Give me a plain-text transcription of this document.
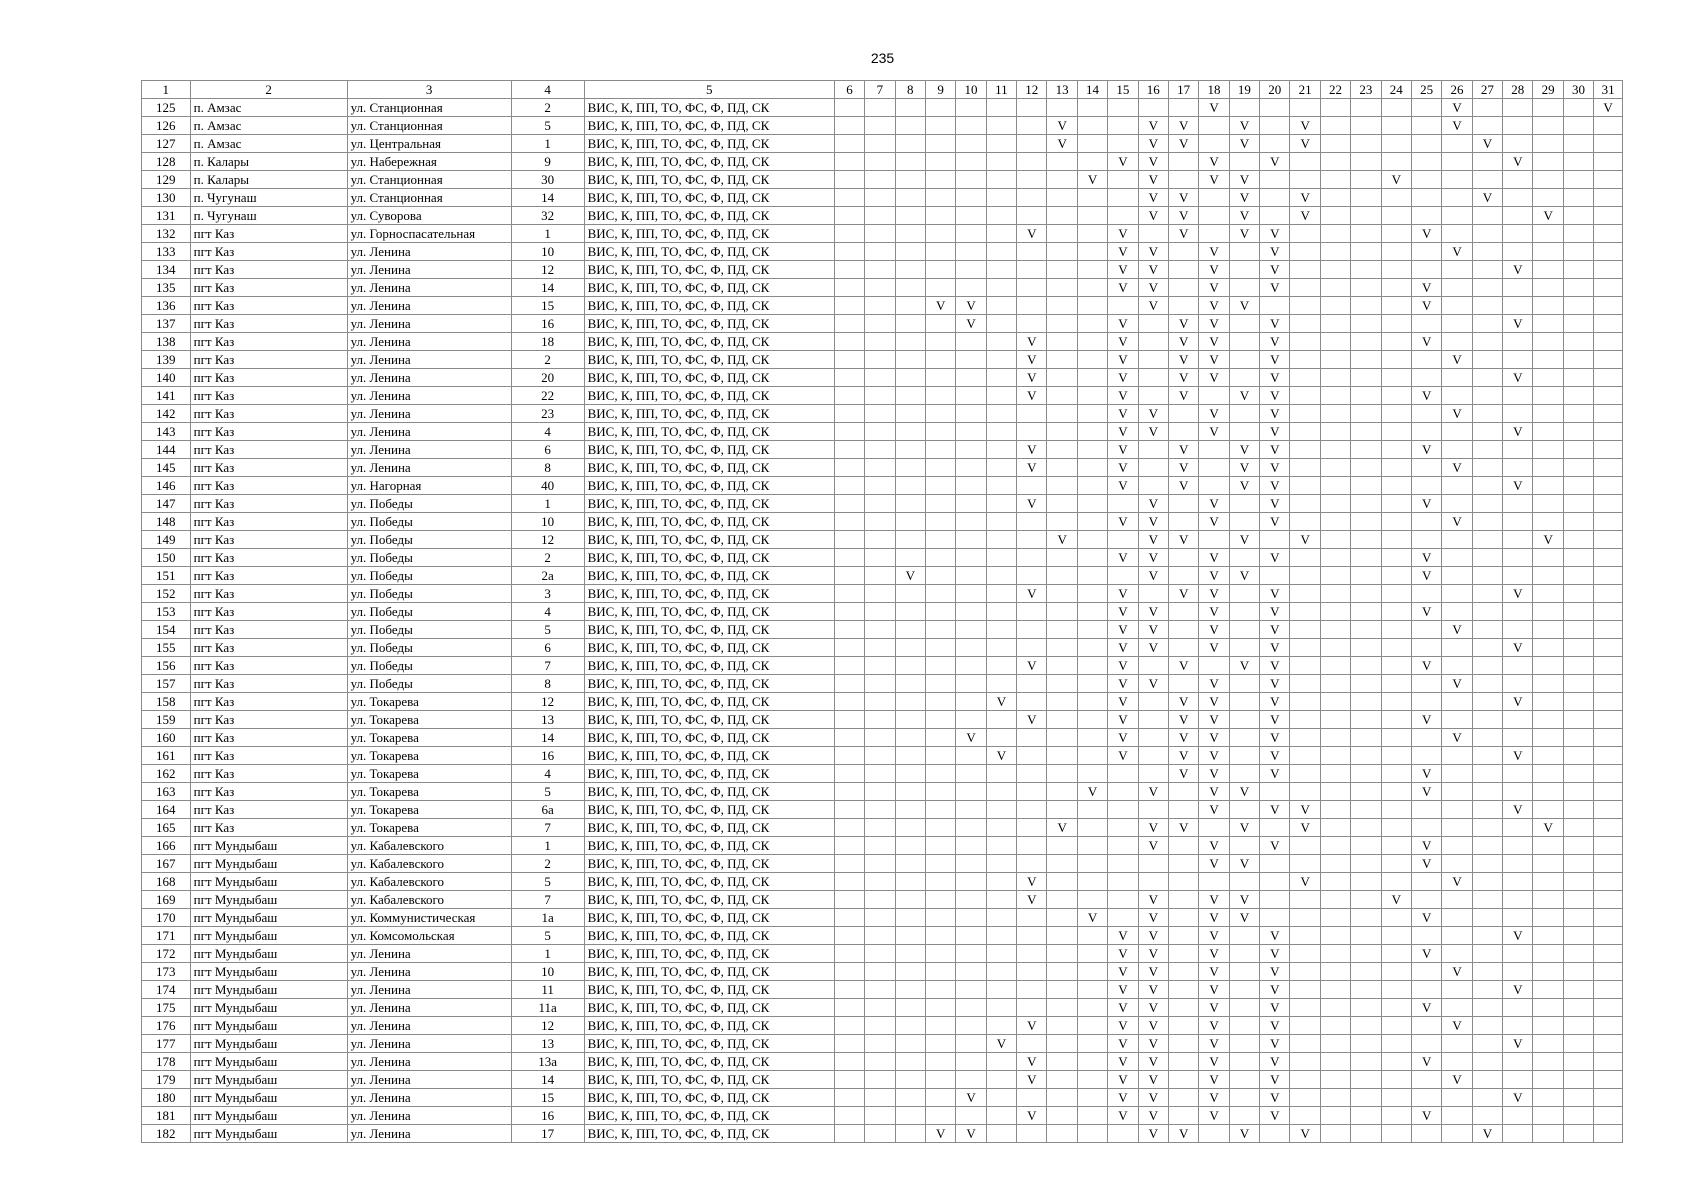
235
1	2	3	4	5	6	7	8	9	10	11	12	13	14	15	16	17	18	19	20	21	22	23	24	25	26	27	28	29	30	31
125	п. Амзас	ул. Станционная	2	ВИС, К, ПП, ТО, ФС, Ф, ПД, СК													V								V					V
126	п. Амзас	ул. Станционная	5	ВИС, К, ПП, ТО, ФС, Ф, ПД, СК								V			V	V		V		V					V					
127	п. Амзас	ул. Центральная	1	ВИС, К, ПП, ТО, ФС, Ф, ПД, СК								V			V	V		V		V						V				
128	п. Калары	ул. Набережная	9	ВИС, К, ПП, ТО, ФС, Ф, ПД, СК										V	V		V		V								V			
129	п. Калары	ул. Станционная	30	ВИС, К, ПП, ТО, ФС, Ф, ПД, СК									V		V		V	V					V							
130	п. Чугунаш	ул. Станционная	14	ВИС, К, ПП, ТО, ФС, Ф, ПД, СК											V	V		V		V						V				
131	п. Чугунаш	ул. Суворова	32	ВИС, К, ПП, ТО, ФС, Ф, ПД, СК											V	V		V		V								V		
132	пгт Каз	ул. Горноспасательная	1	ВИС, К, ПП, ТО, ФС, Ф, ПД, СК							V			V		V		V	V					V						
133	пгт Каз	ул. Ленина	10	ВИС, К, ПП, ТО, ФС, Ф, ПД, СК										V	V		V		V						V					
134	пгт Каз	ул. Ленина	12	ВИС, К, ПП, ТО, ФС, Ф, ПД, СК										V	V		V		V								V			
135	пгт Каз	ул. Ленина	14	ВИС, К, ПП, ТО, ФС, Ф, ПД, СК										V	V		V		V					V						
136	пгт Каз	ул. Ленина	15	ВИС, К, ПП, ТО, ФС, Ф, ПД, СК				V	V						V		V	V						V						
137	пгт Каз	ул. Ленина	16	ВИС, К, ПП, ТО, ФС, Ф, ПД, СК					V					V		V	V		V								V			
138	пгт Каз	ул. Ленина	18	ВИС, К, ПП, ТО, ФС, Ф, ПД, СК							V			V		V	V		V					V						
139	пгт Каз	ул. Ленина	2	ВИС, К, ПП, ТО, ФС, Ф, ПД, СК							V			V		V	V		V						V					
140	пгт Каз	ул. Ленина	20	ВИС, К, ПП, ТО, ФС, Ф, ПД, СК							V			V		V	V		V								V			
141	пгт Каз	ул. Ленина	22	ВИС, К, ПП, ТО, ФС, Ф, ПД, СК							V			V		V		V	V					V						
142	пгт Каз	ул. Ленина	23	ВИС, К, ПП, ТО, ФС, Ф, ПД, СК										V	V		V		V						V					
143	пгт Каз	ул. Ленина	4	ВИС, К, ПП, ТО, ФС, Ф, ПД, СК										V	V		V		V								V			
144	пгт Каз	ул. Ленина	6	ВИС, К, ПП, ТО, ФС, Ф, ПД, СК							V			V		V		V	V					V						
145	пгт Каз	ул. Ленина	8	ВИС, К, ПП, ТО, ФС, Ф, ПД, СК							V			V		V		V	V						V					
146	пгт Каз	ул. Нагорная	40	ВИС, К, ПП, ТО, ФС, Ф, ПД, СК										V		V		V	V								V			
147	пгт Каз	ул. Победы	1	ВИС, К, ПП, ТО, ФС, Ф, ПД, СК							V				V		V		V					V						
148	пгт Каз	ул. Победы	10	ВИС, К, ПП, ТО, ФС, Ф, ПД, СК										V	V		V		V						V					
149	пгт Каз	ул. Победы	12	ВИС, К, ПП, ТО, ФС, Ф, ПД, СК								V			V	V		V		V								V		
150	пгт Каз	ул. Победы	2	ВИС, К, ПП, ТО, ФС, Ф, ПД, СК										V	V		V		V					V						
151	пгт Каз	ул. Победы	2а	ВИС, К, ПП, ТО, ФС, Ф, ПД, СК			V								V		V	V						V						
152	пгт Каз	ул. Победы	3	ВИС, К, ПП, ТО, ФС, Ф, ПД, СК							V			V		V	V		V								V			
153	пгт Каз	ул. Победы	4	ВИС, К, ПП, ТО, ФС, Ф, ПД, СК										V	V		V		V					V						
154	пгт Каз	ул. Победы	5	ВИС, К, ПП, ТО, ФС, Ф, ПД, СК										V	V		V		V						V					
155	пгт Каз	ул. Победы	6	ВИС, К, ПП, ТО, ФС, Ф, ПД, СК										V	V		V		V								V			
156	пгт Каз	ул. Победы	7	ВИС, К, ПП, ТО, ФС, Ф, ПД, СК							V			V		V		V	V					V						
157	пгт Каз	ул. Победы	8	ВИС, К, ПП, ТО, ФС, Ф, ПД, СК										V	V		V		V						V					
158	пгт Каз	ул. Токарева	12	ВИС, К, ПП, ТО, ФС, Ф, ПД, СК						V				V		V	V		V								V			
159	пгт Каз	ул. Токарева	13	ВИС, К, ПП, ТО, ФС, Ф, ПД, СК							V			V		V	V		V					V						
160	пгт Каз	ул. Токарева	14	ВИС, К, ПП, ТО, ФС, Ф, ПД, СК					V					V		V	V		V						V					
161	пгт Каз	ул. Токарева	16	ВИС, К, ПП, ТО, ФС, Ф, ПД, СК						V				V		V	V		V								V			
162	пгт Каз	ул. Токарева	4	ВИС, К, ПП, ТО, ФС, Ф, ПД, СК												V	V		V					V						
163	пгт Каз	ул. Токарева	5	ВИС, К, ПП, ТО, ФС, Ф, ПД, СК									V		V		V	V						V						
164	пгт Каз	ул. Токарева	6а	ВИС, К, ПП, ТО, ФС, Ф, ПД, СК													V		V	V							V			
165	пгт Каз	ул. Токарева	7	ВИС, К, ПП, ТО, ФС, Ф, ПД, СК								V			V	V		V		V								V		
166	пгт Мундыбаш	ул. Кабалевского	1	ВИС, К, ПП, ТО, ФС, Ф, ПД, СК											V		V		V					V						
167	пгт Мундыбаш	ул. Кабалевского	2	ВИС, К, ПП, ТО, ФС, Ф, ПД, СК													V	V						V						
168	пгт Мундыбаш	ул. Кабалевского	5	ВИС, К, ПП, ТО, ФС, Ф, ПД, СК							V									V					V					
169	пгт Мундыбаш	ул. Кабалевского	7	ВИС, К, ПП, ТО, ФС, Ф, ПД, СК							V				V		V	V					V							
170	пгт Мундыбаш	ул. Коммунистическая	1а	ВИС, К, ПП, ТО, ФС, Ф, ПД, СК									V		V		V	V						V						
171	пгт Мундыбаш	ул. Комсомольская	5	ВИС, К, ПП, ТО, ФС, Ф, ПД, СК										V	V		V		V								V			
172	пгт Мундыбаш	ул. Ленина	1	ВИС, К, ПП, ТО, ФС, Ф, ПД, СК										V	V		V		V					V						
173	пгт Мундыбаш	ул. Ленина	10	ВИС, К, ПП, ТО, ФС, Ф, ПД, СК										V	V		V		V						V					
174	пгт Мундыбаш	ул. Ленина	11	ВИС, К, ПП, ТО, ФС, Ф, ПД, СК										V	V		V		V								V			
175	пгт Мундыбаш	ул. Ленина	11а	ВИС, К, ПП, ТО, ФС, Ф, ПД, СК										V	V		V		V					V						
176	пгт Мундыбаш	ул. Ленина	12	ВИС, К, ПП, ТО, ФС, Ф, ПД, СК							V			V	V		V		V						V					
177	пгт Мундыбаш	ул. Ленина	13	ВИС, К, ПП, ТО, ФС, Ф, ПД, СК						V				V	V		V		V								V			
178	пгт Мундыбаш	ул. Ленина	13а	ВИС, К, ПП, ТО, ФС, Ф, ПД, СК							V			V	V		V		V					V						
179	пгт Мундыбаш	ул. Ленина	14	ВИС, К, ПП, ТО, ФС, Ф, ПД, СК							V			V	V		V		V						V					
180	пгт Мундыбаш	ул. Ленина	15	ВИС, К, ПП, ТО, ФС, Ф, ПД, СК					V					V	V		V		V								V			
181	пгт Мундыбаш	ул. Ленина	16	ВИС, К, ПП, ТО, ФС, Ф, ПД, СК							V			V	V		V		V					V						
182	пгт Мундыбаш	ул. Ленина	17	ВИС, К, ПП, ТО, ФС, Ф, ПД, СК				V	V						V	V		V		V						V				
